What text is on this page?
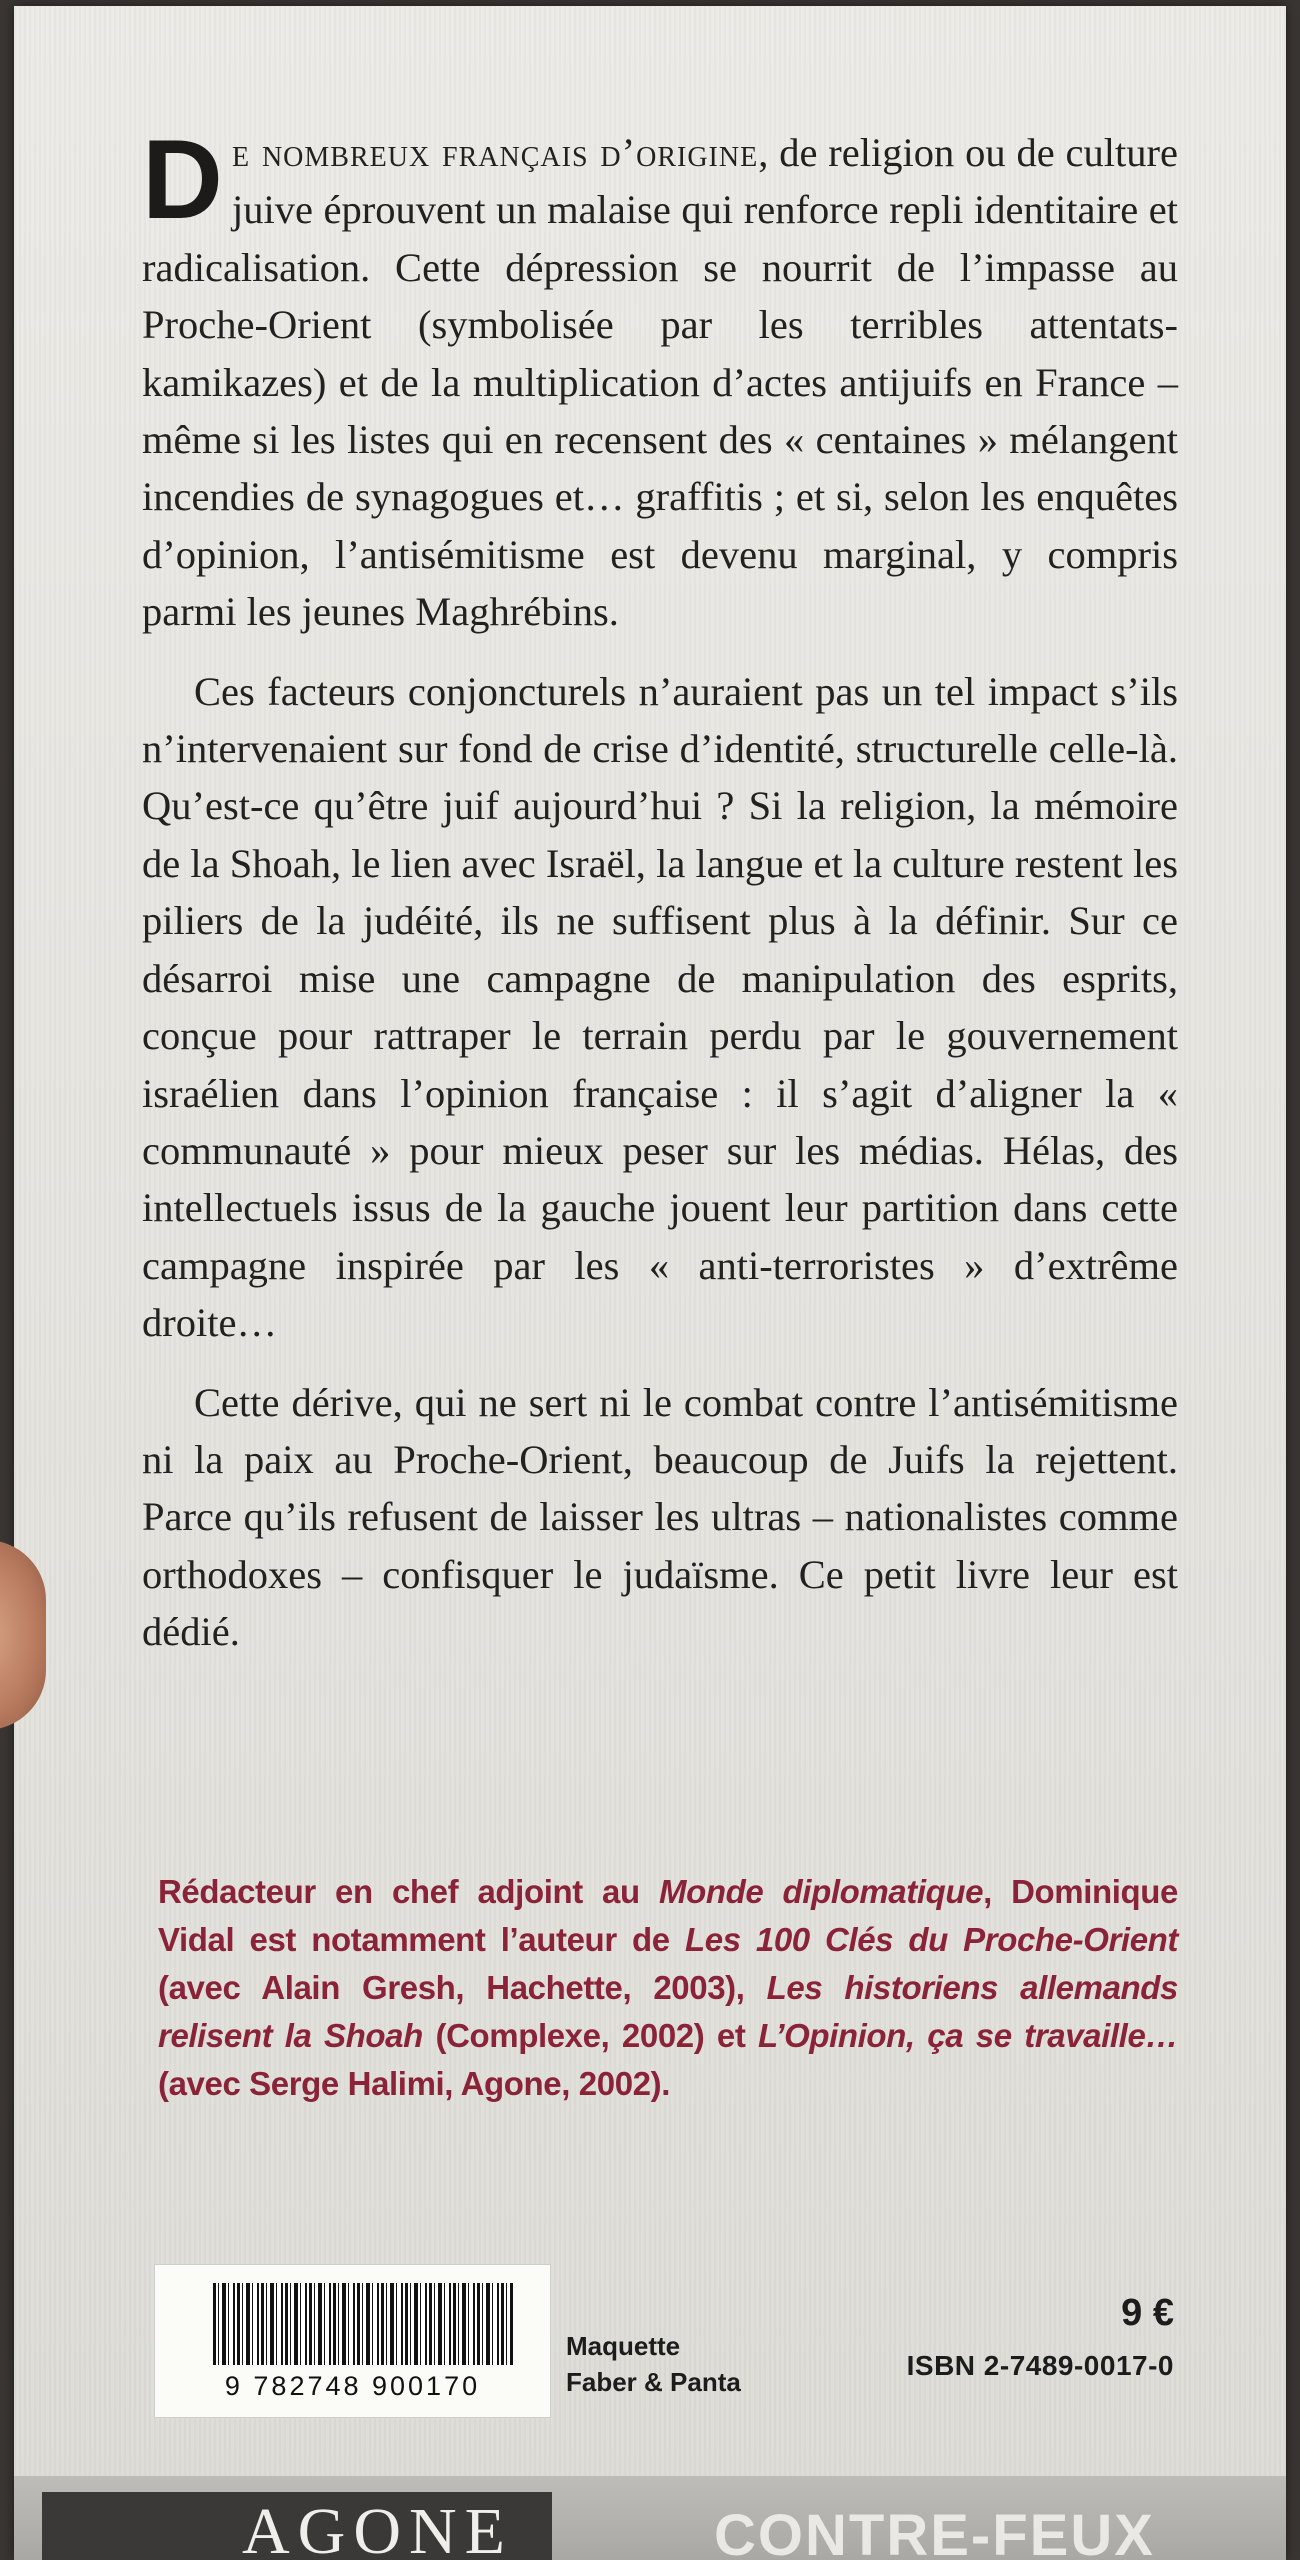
De nombreux français d’origine, de religion ou de culture juive éprouvent un malaise qui renforce repli identitaire et radicalisation. Cette dépression se nourrit de l’impasse au Proche-Orient (symbolisée par les terribles attentats-kamikazes) et de la multiplication d’actes antijuifs en France – même si les listes qui en recensent des « centaines » mélangent incendies de synagogues et… graffitis ; et si, selon les enquêtes d’opinion, l’antisémitisme est devenu marginal, y compris parmi les jeunes Maghrébins.

Ces facteurs conjoncturels n’auraient pas un tel impact s’ils n’intervenaient sur fond de crise d’identité, structurelle celle-là. Qu’est-ce qu’être juif aujourd’hui ? Si la religion, la mémoire de la Shoah, le lien avec Israël, la langue et la culture restent les piliers de la judéité, ils ne suffisent plus à la définir. Sur ce désarroi mise une campagne de manipulation des esprits, conçue pour rattraper le terrain perdu par le gouvernement israélien dans l’opinion française : il s’agit d’aligner la « communauté » pour mieux peser sur les médias. Hélas, des intellectuels issus de la gauche jouent leur partition dans cette campagne inspirée par les « anti-terroristes » d’extrême droite…

Cette dérive, qui ne sert ni le combat contre l’antisémitisme ni la paix au Proche-Orient, beaucoup de Juifs la rejettent. Parce qu’ils refusent de laisser les ultras – nationalistes comme orthodoxes – confisquer le judaïsme. Ce petit livre leur est dédié.

Rédacteur en chef adjoint au Monde diplomatique, Dominique Vidal est notamment l’auteur de Les 100 Clés du Proche-Orient (avec Alain Gresh, Hachette, 2003), Les historiens allemands relisent la Shoah (Complexe, 2002) et L’Opinion, ça se travaille… (avec Serge Halimi, Agone, 2002).
9 782748 900170
Maquette
Faber & Panta
9 €
ISBN 2-7489-0017-0
AGONE	CONTRE-FEUX
